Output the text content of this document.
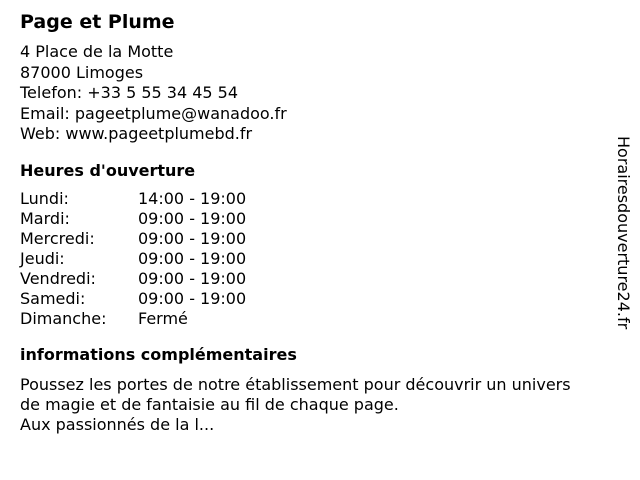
Page et Plume
4 Place de la Motte
87000 Limoges
Telefon: +33 5 55 34 45 54
Email: pageetplume@wanadoo.fr
Web: www.pageetplumebd.fr
Heures d'ouverture
Lundi:	14:00 - 19:00
Mardi:	09:00 - 19:00
Mercredi:	09:00 - 19:00
Jeudi:	09:00 - 19:00
Vendredi:	09:00 - 19:00
Samedi:	09:00 - 19:00
Dimanche:	Fermé
informations complémentaires
Poussez les portes de notre établissement pour découvrir un univers
de magie et de fantaisie au fil de chaque page.
Aux passionnés de la l...
Horairesdouverture24.fr
